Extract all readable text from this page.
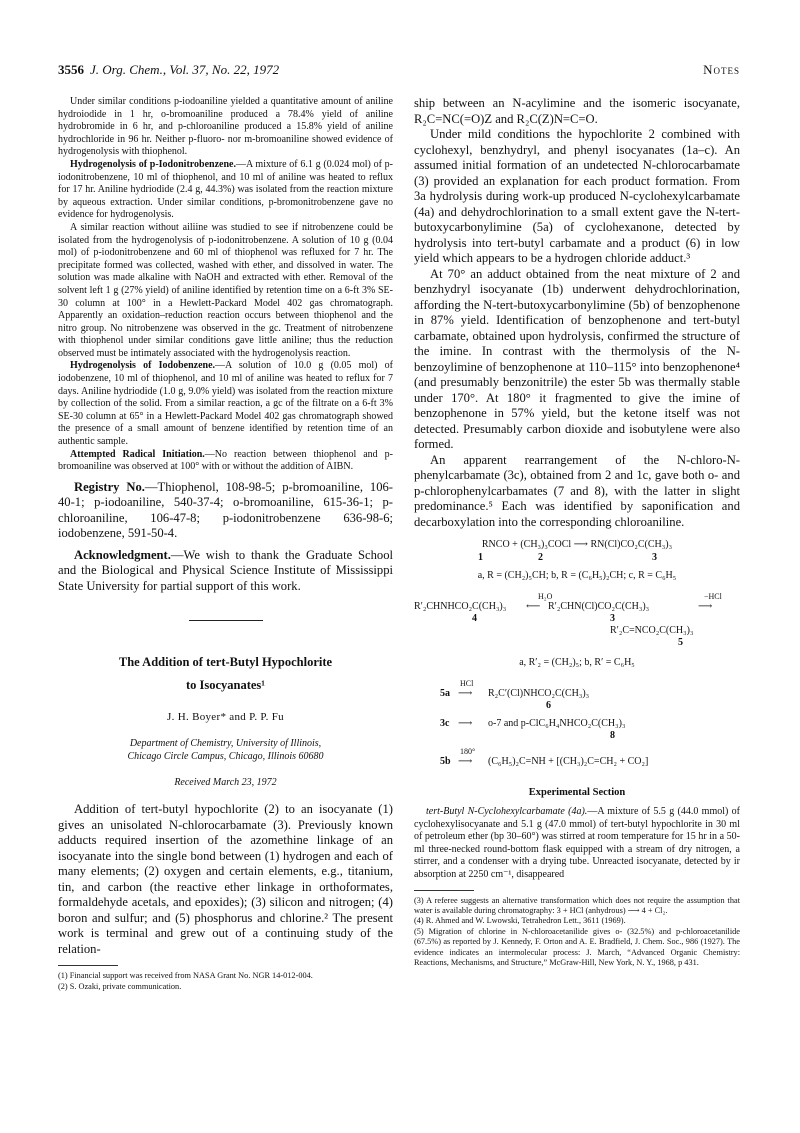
3556 J. Org. Chem., Vol. 37, No. 22, 1972	Notes

Under similar conditions p-iodoaniline yielded a quantitative amount of aniline hydroiodide in 1 hr, o-bromoaniline produced a 78.4% yield of aniline hydrobromide in 6 hr, and p-chloroaniline produced a 15.8% yield of aniline hydrochloride in 96 hr. Neither p-fluoro- nor m-bromoaniline showed evidence of hydrogenolysis with thiophenol.

Hydrogenolysis of p-Iodonitrobenzene.—A mixture of 6.1 g (0.024 mol) of p-iodonitrobenzene, 10 ml of thiophenol, and 10 ml of aniline was heated to reflux for 17 hr. Aniline hydriodide (2.4 g, 44.3%) was isolated from the reaction mixture by aqueous extraction. Under similar conditions, p-bromonitrobenzene gave no evidence for hydrogenolysis.

A similar reaction without ailiine was studied to see if nitrobenzene could be isolated from the hydrogenolysis of p-iodonitrobenzene. A solution of 10 g (0.04 mol) of p-iodonitrobenzene and 60 ml of thiophenol was refluxed for 7 hr. The precipitate formed was collected, washed with ether, and dissolved in water. The solution was made alkaline with NaOH and extracted with ether. Removal of the solvent left 1 g (27% yield) of aniline identified by retention time on a 6-ft 3% SE-30 column at 100° in a Hewlett-Packard Model 402 gas chromatograph. Apparently an oxidation–reduction reaction occurs between thiophenol and the nitro group. No nitrobenzene was observed in the gc. Treatment of nitrobenzene with thiophenol under similar conditions gave little aniline; thus the reduction observed must be intimately associated with the hydrogenolysis reaction.

Hydrogenolysis of Iodobenzene.—A solution of 10.0 g (0.05 mol) of iodobenzene, 10 ml of thiophenol, and 10 ml of aniline was heated to reflux for 7 days. Aniline hydriodide (1.0 g, 9.0% yield) was isolated from the reaction mixture by collection of the solid. From a similar reaction, a gc of the filtrate on a 6-ft 3% SE-30 column at 65° in a Hewlett-Packard Model 402 gas chromatograph showed the presence of a small amount of benzene identified by retention time of an authentic sample.

Attempted Radical Initiation.—No reaction between thiophenol and p-bromoaniline was observed at 100° with or without the addition of AIBN.

Registry No.—Thiophenol, 108-98-5; p-bromoaniline, 106-40-1; p-iodoaniline, 540-37-4; o-bromoaniline, 615-36-1; p-chloroaniline, 106-47-8; p-iodonitrobenzene 636-98-6; iodobenzene, 591-50-4.

Acknowledgment.—We wish to thank the Graduate School and the Biological and Physical Science Institute of Mississippi State University for partial support of this work.

The Addition of tert-Butyl Hypochlorite
to Isocyanates¹
J. H. Boyer* and P. P. Fu
Department of Chemistry, University of Illinois,
Chicago Circle Campus, Chicago, Illinois 60680
Received March 23, 1972

Addition of tert-butyl hypochlorite (2) to an isocyanate (1) gives an unisolated N-chlorocarbamate (3). Previously known adducts required insertion of the azomethine linkage of an isocyanate into the single bond between (1) hydrogen and each of many elements; (2) oxygen and certain elements, e.g., titanium, tin, and carbon (the reactive ether linkage in orthoformates, formaldehyde acetals, and epoxides); (3) silicon and nitrogen; (4) boron and sulfur; and (5) phosphorus and chlorine.² The present work is terminal and grew out of a continuing study of the relation-

(1) Financial support was received from NASA Grant No. NGR 14-012-004.
(2) S. Ozaki, private communication.

ship between an N-acylimine and the isomeric isocyanate, R₂C=NC(=O)Z and R₂C(Z)N=C=O.

Under mild conditions the hypochlorite 2 combined with cyclohexyl, benzhydryl, and phenyl isocyanates (1a–c). An assumed initial formation of an undetected N-chlorocarbamate (3) provided an explanation for each product formation. From 3a hydrolysis during work-up produced N-cyclohexylcarbamate (4a) and dehydrochlorination to a small extent gave the N-tert-butoxycarbonylimine (5a) of cyclohexanone, detected by hydrolysis into tert-butyl carbamate and a product (6) in low yield which appears to be a hydrogen chloride adduct.³

At 70° an adduct obtained from the neat mixture of 2 and benzhydryl isocyanate (1b) underwent dehydrochlorination, affording the N-tert-butoxycarbonylimine (5b) of benzophenone in 87% yield. Identification of benzophenone and tert-butyl carbamate, obtained upon hydrolysis, confirmed the structure of the imine. In contrast with the thermolysis of the N-benzoylimine of benzophenone at 110–115° into benzophenone⁴ (and presumably benzonitrile) the ester 5b was thermally stable under 170°. At 180° it fragmented to give the imine of benzophenone in 57% yield, but the ketone itself was not detected. Presumably carbon dioxide and isobutylene were also formed.

An apparent rearrangement of the N-chloro-N-phenylcarbamate (3c), obtained from 2 and 1c, gave both o- and p-chlorophenylcarbamates (7 and 8), with the latter in slight predominance.⁵ Each was identified by saponification and decarboxylation into the corresponding chloroaniline.

RNCO + (CH₃)₃COCl ⟶ RN(Cl)CO₂C(CH₃)₃
1	2	3
a, R = (CH₂)₅CH; b, R = (C₆H₅)₂CH; c, R = C₆H₅
R′₂CHNHCO₂C(CH₃)₃
H₂O
⟵ R′₂CHN(Cl)CO₂C(CH₃)₃
−HCl
⟶
4	3
R′₂C=NCO₂C(CH₃)₃
5
a, R′₂ = (CH₂)₅; b, R′ = C₆H₅
5a
HCl
⟶ R₂C′(Cl)NHCO₂C(CH₃)₃
6
3c ⟶ o-7 and p-ClC₆H₄NHCO₂C(CH₃)₃
8
5b
180°
⟶ (C₆H₅)₂C=NH + [(CH₃)₂C=CH₂ + CO₂]
Experimental Section

tert-Butyl N-Cyclohexylcarbamate (4a).—A mixture of 5.5 g (44.0 mmol) of cyclohexylisocyanate and 5.1 g (47.0 mmol) of tert-butyl hypochlorite in 30 ml of petroleum ether (bp 30–60°) was stirred at room temperature for 15 hr in a 50-ml three-necked round-bottom flask equipped with a stream of dry nitrogen, a stirrer, and a condenser with a drying tube. Unreacted isocyanate, detected by ir absorption at 2250 cm⁻¹, disappeared

(3) A referee suggests an alternative transformation which does not require the assumption that water is available during chromatography: 3 + HCl (anhydrous) ⟶ 4 + Cl₂.
(4) R. Ahmed and W. Lwowski, Tetrahedron Lett., 3611 (1969).
(5) Migration of chlorine in N-chloroacetanilide gives o- (32.5%) and p-chloroacetanilide (67.5%) as reported by J. Kennedy, F. Orton and A. E. Bradfield, J. Chem. Soc., 986 (1927). The evidence indicates an intermolecular process: J. March, “Advanced Organic Chemistry: Reactions, Mechanisms, and Structure,” McGraw-Hill, New York, N. Y., 1968, p 431.
